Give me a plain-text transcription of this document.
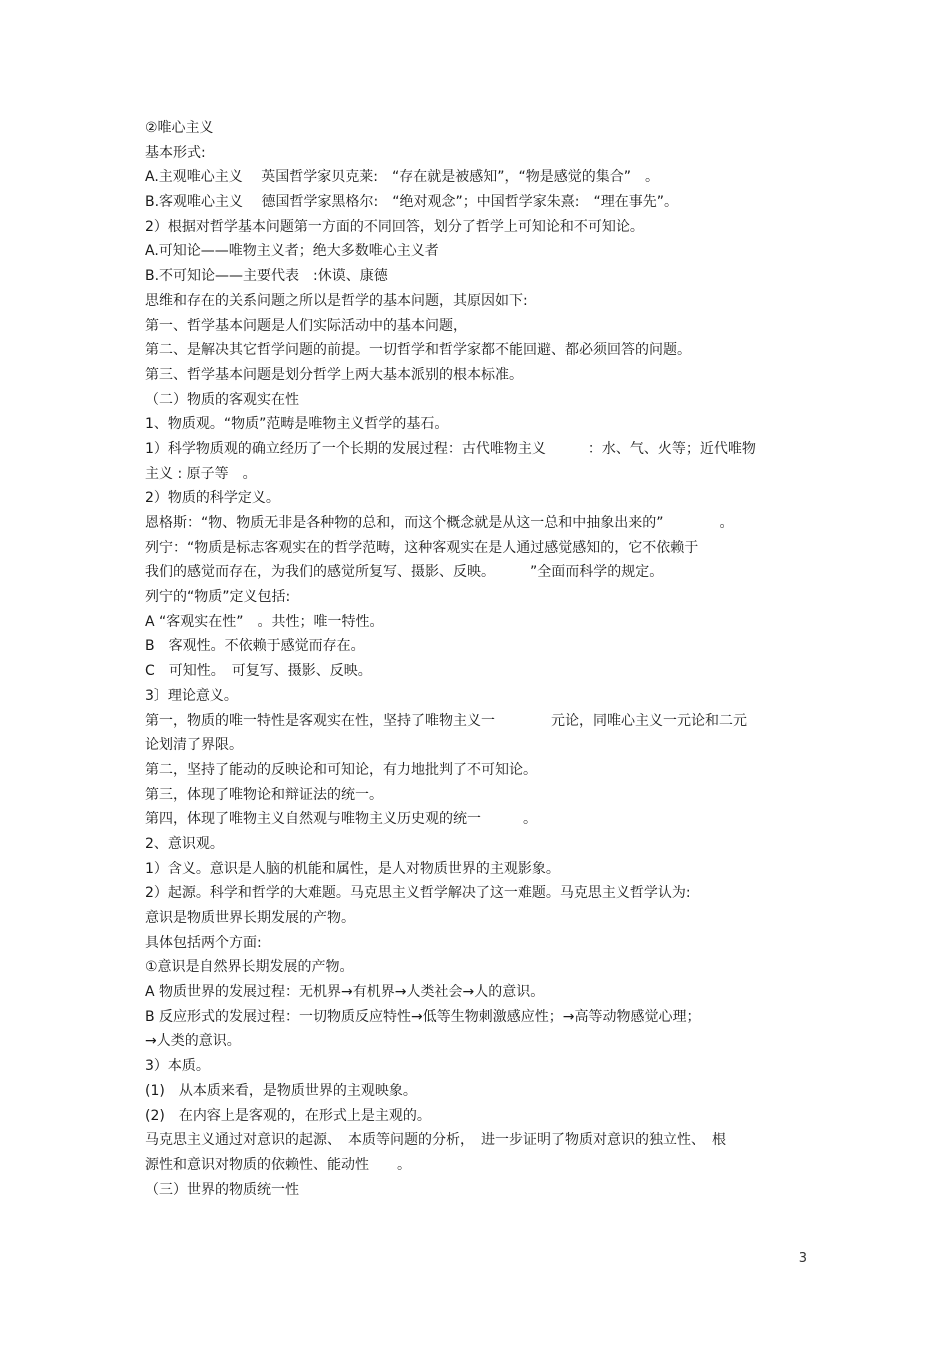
②唯心主义
基本形式:
A.主观唯心主义　 英国哲学家贝克莱:　“存在就是被感知”，“物是感觉的集合”　。
B.客观唯心主义　 德国哲学家黑格尔:　“绝对观念”；中国哲学家朱熹:　“理在事先”。
2）根据对哲学基本问题第一方面的不同回答，划分了哲学上可知论和不可知论。
A.可知论——唯物主义者；绝大多数唯心主义者
B.不可知论——主要代表　:休谟、康德
思维和存在的关系问题之所以是哲学的基本问题，其原因如下:
第一、哲学基本问题是人们实际活动中的基本问题，
第二、是解决其它哲学问题的前提。一切哲学和哲学家都不能回避、都必须回答的问题。
第三、哲学基本问题是划分哲学上两大基本派别的根本标准。
（二）物质的客观实在性
1、物质观。“物质”范畴是唯物主义哲学的基石。
1）科学物质观的确立经历了一个长期的发展过程：古代唯物主义　　　：水、气、火等；近代唯物
主义 : 原子等　。
2）物质的科学定义。
恩格斯：“物、物质无非是各种物的总和，而这个概念就是从这一总和中抽象出来的”　　　　。
列宁：“物质是标志客观实在的哲学范畴，这种客观实在是人通过感觉感知的，它不依赖于
我们的感觉而存在，为我们的感觉所复写、摄影、反映。　　　”全面而科学的规定。
列宁的“物质”定义包括:
A “客观实在性”　。共性；唯一特性。
B　客观性。不依赖于感觉而存在。
C　可知性。　可复写、摄影、反映。
3〕理论意义。
第一，物质的唯一特性是客观实在性，坚持了唯物主义一　　　　元论，同唯心主义一元论和二元
论划清了界限。
第二，坚持了能动的反映论和可知论，有力地批判了不可知论。
第三，体现了唯物论和辩证法的统一。
第四，体现了唯物主义自然观与唯物主义历史观的统一　　　。
2、意识观。
1）含义。意识是人脑的机能和属性，是人对物质世界的主观影象。
2）起源。科学和哲学的大难题。马克思主义哲学解决了这一难题。马克思主义哲学认为:
意识是物质世界长期发展的产物。
具体包括两个方面:
①意识是自然界长期发展的产物。
A 物质世界的发展过程：无机界→有机界→人类社会→人的意识。
B 反应形式的发展过程：一切物质反应特性→低等生物刺激感应性；→高等动物感觉心理；
→人类的意识。
3）本质。
(1)　从本质来看，是物质世界的主观映象。
(2)　在内容上是客观的，在形式上是主观的。
马克思主义通过对意识的起源、　本质等问题的分析，　进一步证明了物质对意识的独立性、　根
源性和意识对物质的依赖性、能动性　　。
（三）世界的物质统一性
3
